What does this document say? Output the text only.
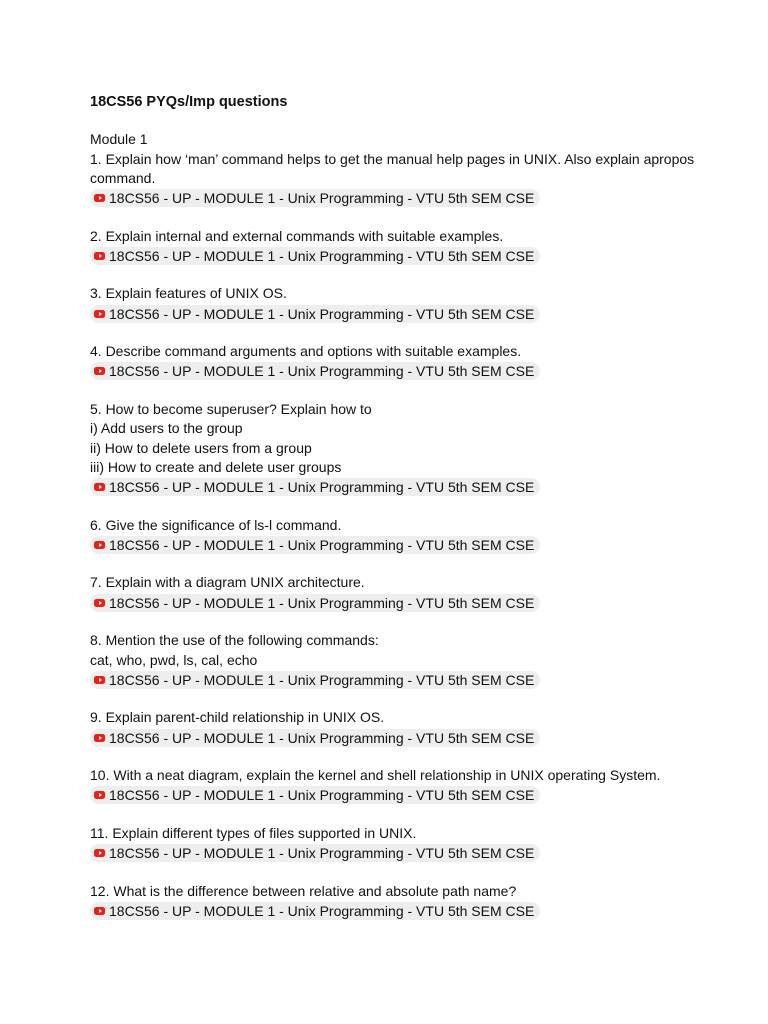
18CS56 PYQs/Imp questions
Module 1
1. Explain how ‘man’ command helps to get the manual help pages in UNIX. Also explain apropos command.
18CS56 - UP - MODULE 1 - Unix Programming - VTU 5th SEM CSE
2. Explain internal and external commands with suitable examples.
18CS56 - UP - MODULE 1 - Unix Programming - VTU 5th SEM CSE
3. Explain features of UNIX OS.
18CS56 - UP - MODULE 1 - Unix Programming - VTU 5th SEM CSE
4. Describe command arguments and options with suitable examples.
18CS56 - UP - MODULE 1 - Unix Programming - VTU 5th SEM CSE
5. How to become superuser? Explain how to
i) Add users to the group
ii) How to delete users from a group
iii) How to create and delete user groups
18CS56 - UP - MODULE 1 - Unix Programming - VTU 5th SEM CSE
6. Give the significance of ls-l command.
18CS56 - UP - MODULE 1 - Unix Programming - VTU 5th SEM CSE
7. Explain with a diagram UNIX architecture.
18CS56 - UP - MODULE 1 - Unix Programming - VTU 5th SEM CSE
8. Mention the use of the following commands:
cat, who, pwd, ls, cal, echo
18CS56 - UP - MODULE 1 - Unix Programming - VTU 5th SEM CSE
9. Explain parent-child relationship in UNIX OS.
18CS56 - UP - MODULE 1 - Unix Programming - VTU 5th SEM CSE
10. With a neat diagram, explain the kernel and shell relationship in UNIX operating System.
18CS56 - UP - MODULE 1 - Unix Programming - VTU 5th SEM CSE
11. Explain different types of files supported in UNIX.
18CS56 - UP - MODULE 1 - Unix Programming - VTU 5th SEM CSE
12. What is the difference between relative and absolute path name?
18CS56 - UP - MODULE 1 - Unix Programming - VTU 5th SEM CSE
